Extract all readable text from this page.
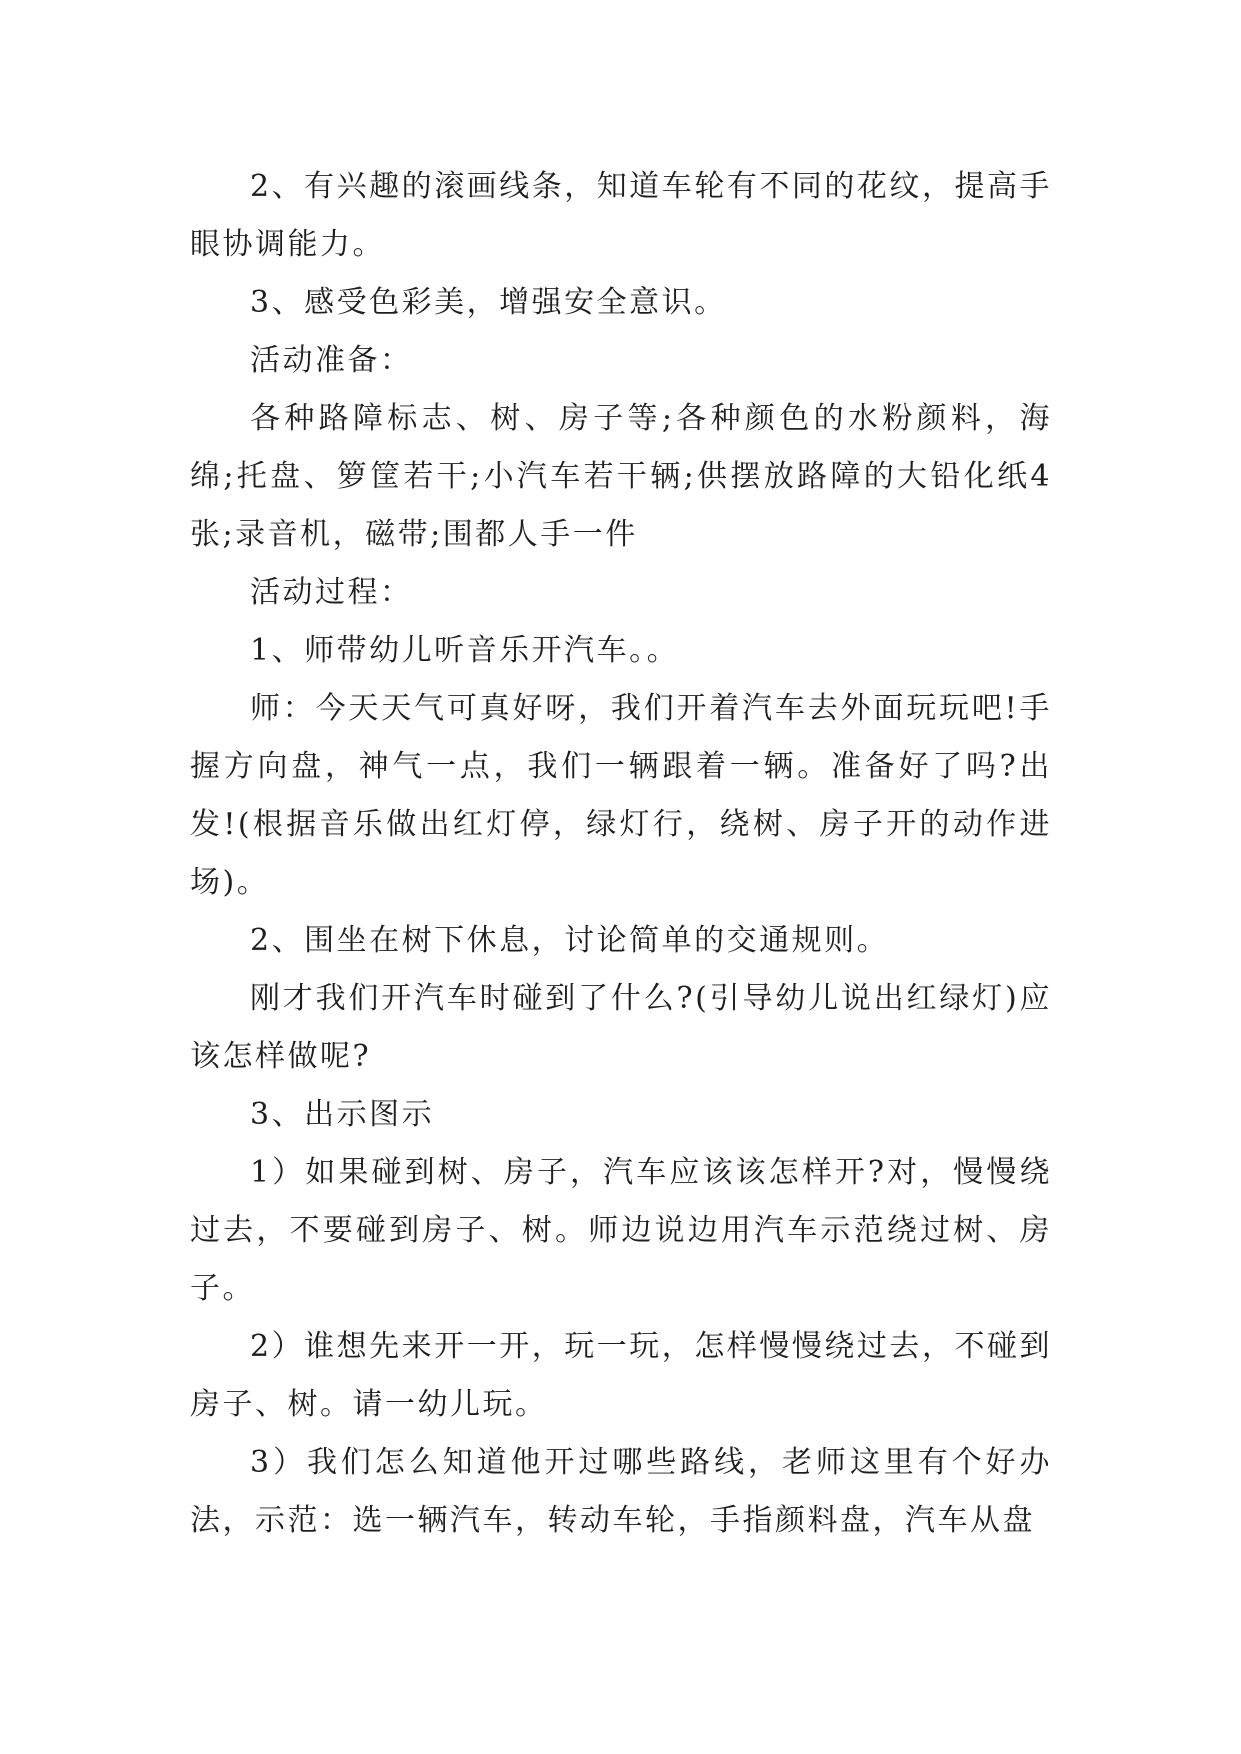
2、有兴趣的滚画线条，知道车轮有不同的花纹，提高手眼协调能力。

3、感受色彩美，增强安全意识。

活动准备：

各种路障标志、树、房子等;各种颜色的水粉颜料，海绵;托盘、箩筐若干;小汽车若干辆;供摆放路障的大铅化纸4张;录音机，磁带;围都人手一件

活动过程：

1、师带幼儿听音乐开汽车。。

师：今天天气可真好呀，我们开着汽车去外面玩玩吧!手握方向盘，神气一点，我们一辆跟着一辆。准备好了吗?出发!(根据音乐做出红灯停，绿灯行，绕树、房子开的动作进场)。

2、围坐在树下休息，讨论简单的交通规则。

刚才我们开汽车时碰到了什么?(引导幼儿说出红绿灯)应该怎样做呢?

3、出示图示

1）如果碰到树、房子，汽车应该该怎样开?对，慢慢绕过去，不要碰到房子、树。师边说边用汽车示范绕过树、房子。

2）谁想先来开一开，玩一玩，怎样慢慢绕过去，不碰到房子、树。请一幼儿玩。

3）我们怎么知道他开过哪些路线，老师这里有个好办法，示范：选一辆汽车，转动车轮，手指颜料盘，汽车从盘
